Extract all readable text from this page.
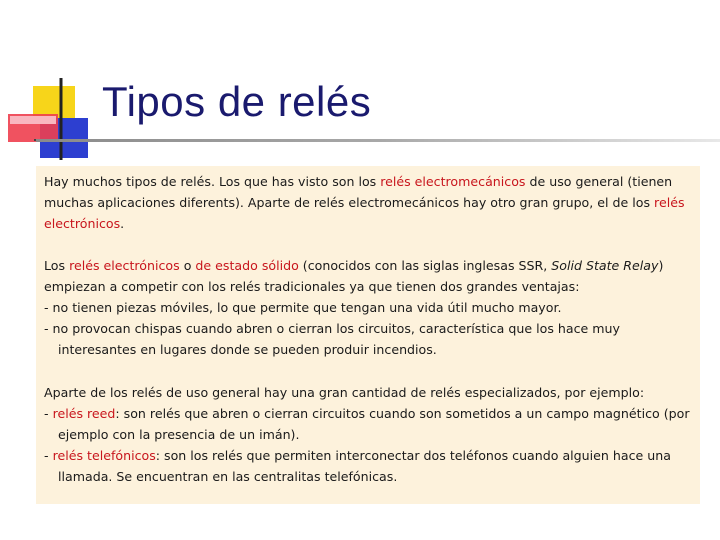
Tipos de relés

Hay muchos tipos de relés. Los que has visto son los relés electromecánicos de uso general (tienen muchas aplicaciones diferents). Aparte de relés electromecánicos hay otro gran grupo, el de los relés electrónicos.

Los relés electrónicos o de estado sólido (conocidos con las siglas inglesas SSR, Solid State Relay) empiezan a competir con los relés tradicionales ya que tienen dos grandes ventajas:

- no tienen piezas móviles, lo que permite que tengan una vida útil mucho mayor.

- no provocan chispas cuando abren o cierran los circuitos, característica que los hace muy interesantes en lugares donde se pueden produir incendios.

Aparte de los relés de uso general hay una gran cantidad de relés especializados, por ejemplo:

- relés reed: son relés que abren o cierran circuitos cuando son sometidos a un campo magnético (por ejemplo con la presencia de un imán).

- relés telefónicos: son los relés que permiten interconectar dos teléfonos cuando alguien hace una llamada. Se encuentran en las centralitas telefónicas.
